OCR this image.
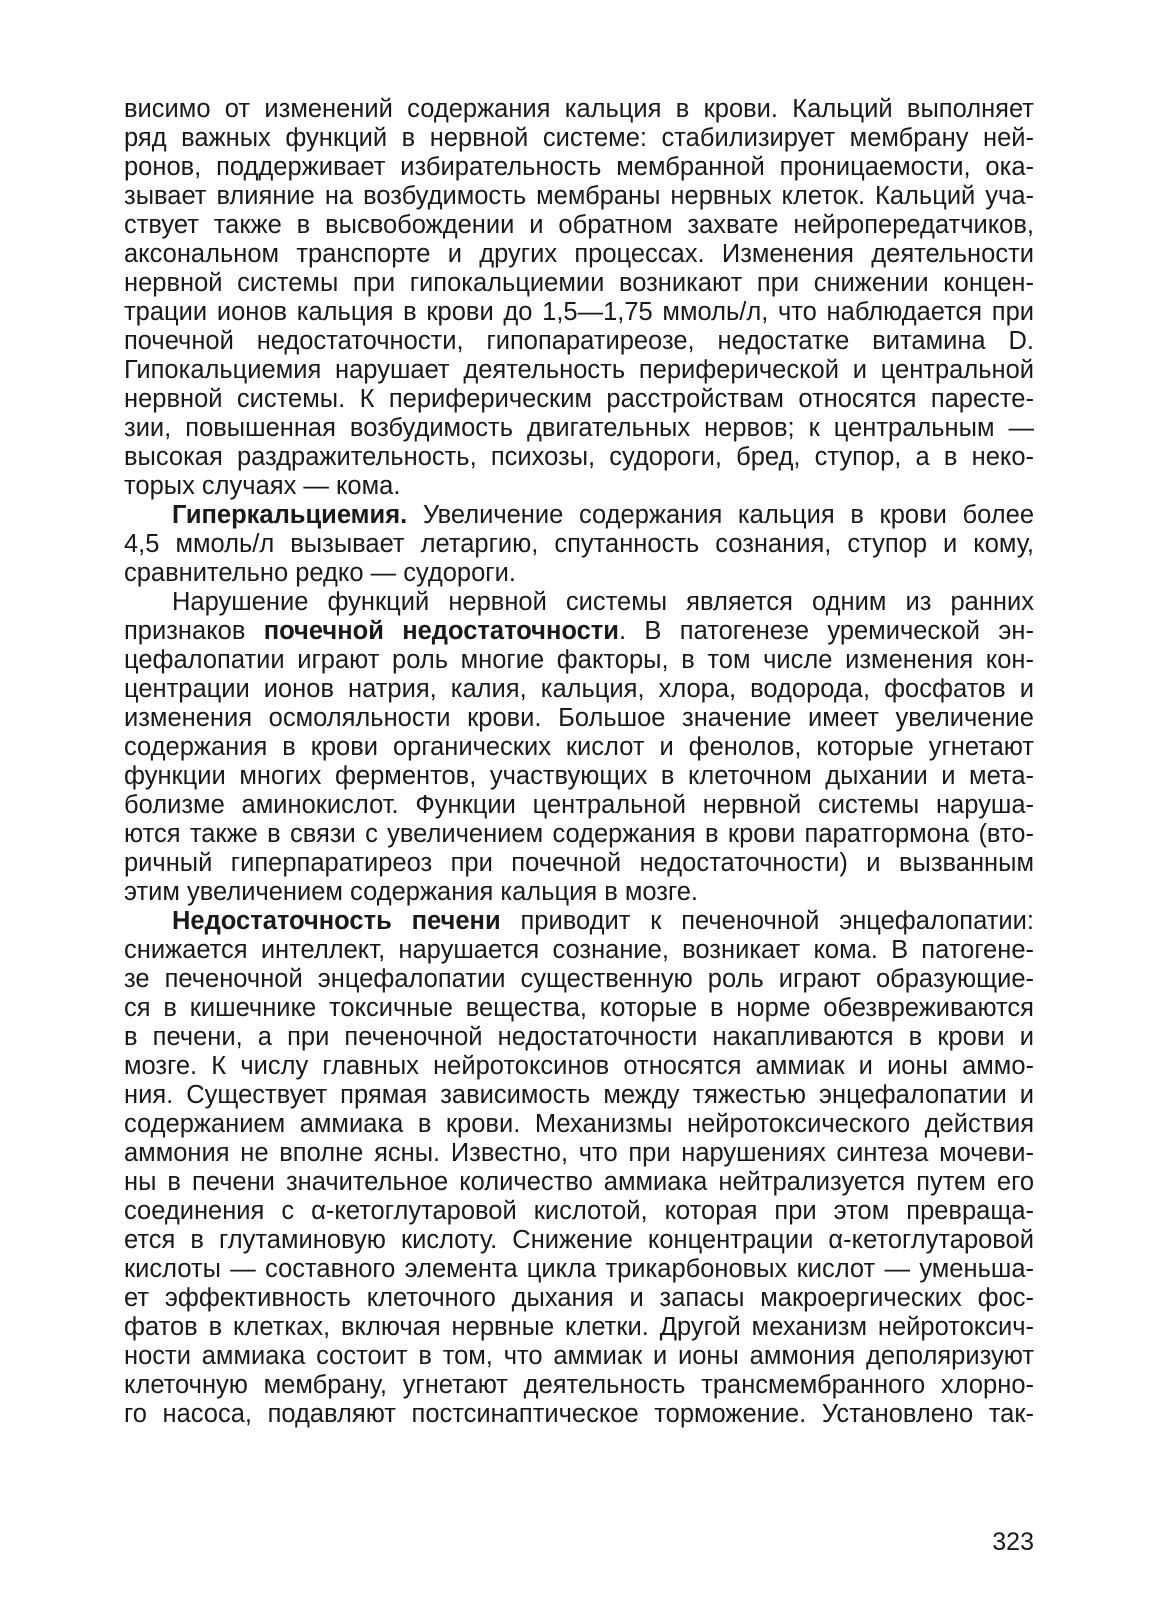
висимо от изменений содержания кальция в крови. Кальций выполняет
ряд важных функций в нервной системе: стабилизирует мембрану ней-
ронов, поддерживает избирательность мембранной проницаемости, ока-
зывает влияние на возбудимость мембраны нервных клеток. Кальций уча-
ствует также в высвобождении и обратном захвате нейропередатчиков,
аксональном транспорте и других процессах. Изменения деятельности
нервной системы при гипокальциемии возникают при снижении концен-
трации ионов кальция в крови до 1,5—1,75 ммоль/л, что наблюдается при
почечной недостаточности, гипопаратиреозе, недостатке витамина D.
Гипокальциемия нарушает деятельность периферической и центральной
нервной системы. К периферическим расстройствам относятся паресте-
зии, повышенная возбудимость двигательных нервов; к центральным —
высокая раздражительность, психозы, судороги, бред, ступор, а в неко-
торых случаях — кома.
Гиперкальциемия. Увеличение содержания кальция в крови более
4,5 ммоль/л вызывает летаргию, спутанность сознания, ступор и кому,
сравнительно редко — судороги.
Нарушение функций нервной системы является одним из ранних
признаков почечной недостаточности. В патогенезе уремической эн-
цефалопатии играют роль многие факторы, в том числе изменения кон-
центрации ионов натрия, калия, кальция, хлора, водорода, фосфатов и
изменения осмоляльности крови. Большое значение имеет увеличение
содержания в крови органических кислот и фенолов, которые угнетают
функции многих ферментов, участвующих в клеточном дыхании и мета-
болизме аминокислот. Функции центральной нервной системы наруша-
ются также в связи с увеличением содержания в крови паратгормона (вто-
ричный гиперпаратиреоз при почечной недостаточности) и вызванным
этим увеличением содержания кальция в мозге.
Недостаточность печени приводит к печеночной энцефалопатии:
снижается интеллект, нарушается сознание, возникает кома. В патогене-
зе печеночной энцефалопатии существенную роль играют образующие-
ся в кишечнике токсичные вещества, которые в норме обезвреживаются
в печени, а при печеночной недостаточности накапливаются в крови и
мозге. К числу главных нейротоксинов относятся аммиак и ионы аммо-
ния. Существует прямая зависимость между тяжестью энцефалопатии и
содержанием аммиака в крови. Механизмы нейротоксического действия
аммония не вполне ясны. Известно, что при нарушениях синтеза мочеви-
ны в печени значительное количество аммиака нейтрализуется путем его
соединения с α-кетоглутаровой кислотой, которая при этом превраща-
ется в глутаминовую кислоту. Снижение концентрации α-кетоглутаровой
кислоты — составного элемента цикла трикарбоновых кислот — уменьша-
ет эффективность клеточного дыхания и запасы макроергических фос-
фатов в клетках, включая нервные клетки. Другой механизм нейротоксич-
ности аммиака состоит в том, что аммиак и ионы аммония деполяризуют
клеточную мембрану, угнетают деятельность трансмембранного хлорно-
го насоса, подавляют постсинаптическое торможение. Установлено так-
323
